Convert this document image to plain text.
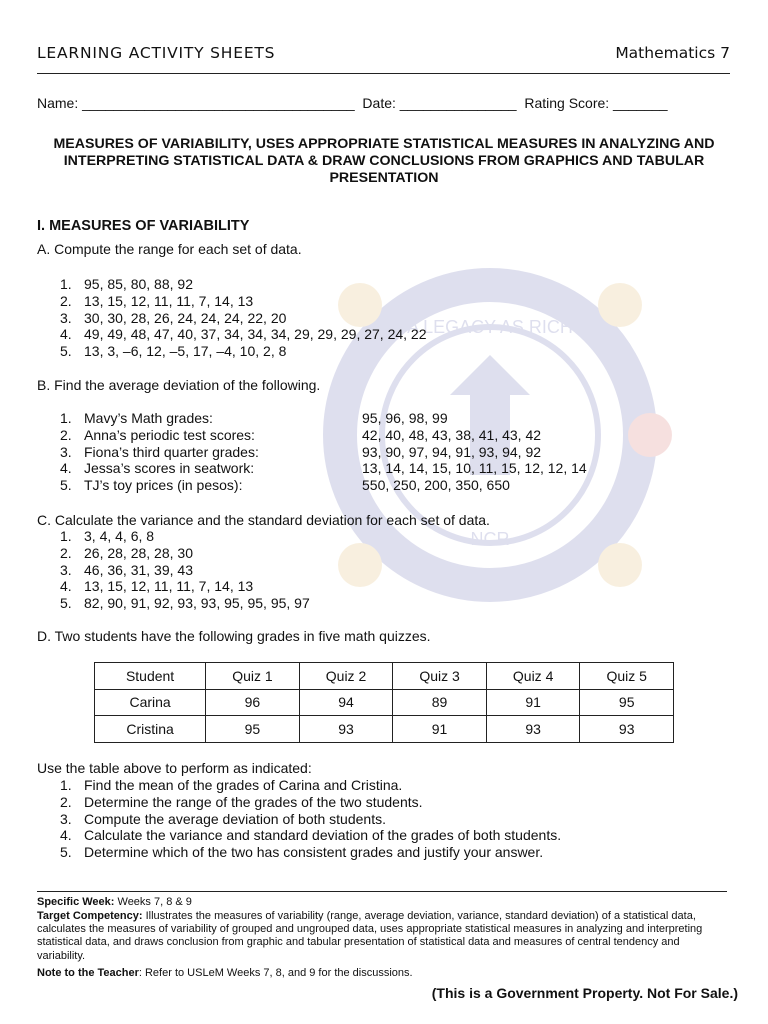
A LEGACY AS RICH
NCR
LEARNING ACTIVITY SHEETS	Mathematics 7
Name: ___________________________________  Date: _______________  Rating Score: _______
MEASURES OF VARIABILITY, USES APPROPRIATE STATISTICAL MEASURES IN ANALYZING AND INTERPRETING STATISTICAL DATA & DRAW CONCLUSIONS FROM GRAPHICS AND TABULAR PRESENTATION
I. MEASURES OF VARIABILITY
A. Compute the range for each set of data.
1. 95, 85, 80, 88, 92
2. 13, 15, 12, 11, 11, 7, 14, 13
3. 30, 30, 28, 26, 24, 24, 24, 22, 20
4. 49, 49, 48, 47, 40, 37, 34, 34, 34, 29, 29, 29, 27, 24, 22
5. 13, 3, –6, 12, –5, 17, –4, 10, 2, 8
B. Find the average deviation of the following.
1. Mavy’s Math grades:	95, 96, 98, 99
2. Anna’s periodic test scores:	42, 40, 48, 43, 38, 41, 43, 42
3. Fiona’s third quarter grades:	93, 90, 97, 94, 91, 93, 94, 92
4. Jessa’s scores in seatwork:	13, 14, 14, 15, 10, 11, 15, 12, 12, 14
5. TJ’s toy prices (in pesos):	550, 250, 200, 350, 650
C. Calculate the variance and the standard deviation for each set of data.
1. 3, 4, 4, 6, 8
2. 26, 28, 28, 28, 30
3. 46, 36, 31, 39, 43
4. 13, 15, 12, 11, 11, 7, 14, 13
5. 82, 90, 91, 92, 93, 93, 95, 95, 95, 97
D. Two students have the following grades in five math quizzes.
Student	Quiz 1	Quiz 2	Quiz 3	Quiz 4	Quiz 5
Carina	96	94	89	91	95
Cristina	95	93	91	93	93
Use the table above to perform as indicated:
1. Find the mean of the grades of Carina and Cristina.
2. Determine the range of the grades of the two students.
3. Compute the average deviation of both students.
4. Calculate the variance and standard deviation of the grades of both students.
5. Determine which of the two has consistent grades and justify your answer.
Specific Week: Weeks 7, 8 & 9
Target Competency: Illustrates the measures of variability (range, average deviation, variance, standard deviation) of a statistical data, calculates the measures of variability of grouped and ungrouped data, uses appropriate statistical measures in analyzing and interpreting statistical data, and draws conclusion from graphic and tabular presentation of statistical data and measures of central tendency and variability.
Note to the Teacher: Refer to USLeM Weeks 7, 8, and 9 for the discussions.
(This is a Government Property. Not For Sale.)
